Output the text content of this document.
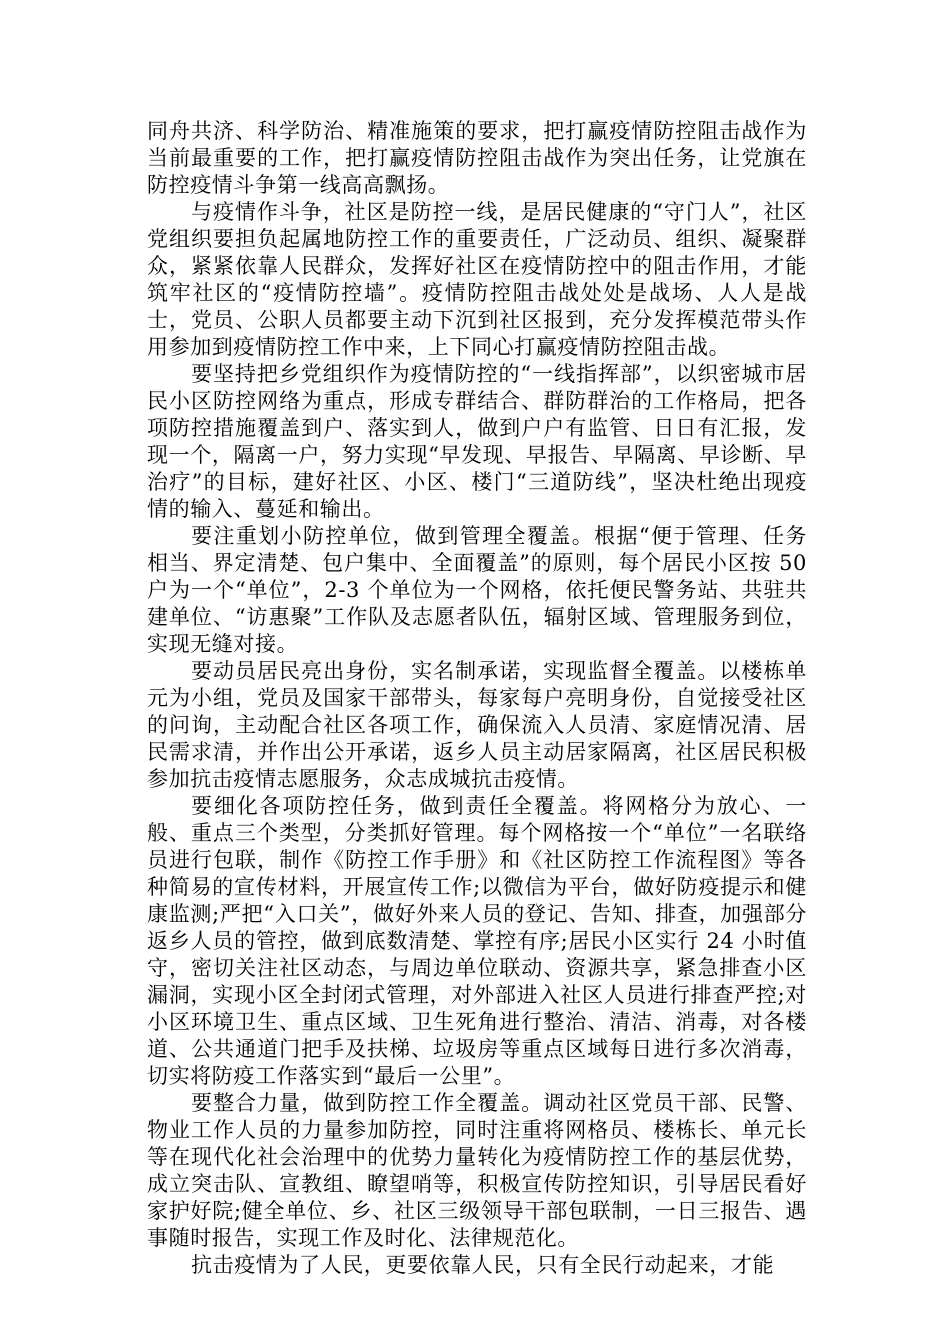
同舟共济、科学防治、精准施策的要求，把打赢疫情防控阻击战作为当前最重要的工作，把打赢疫情防控阻击战作为突出任务，让党旗在防控疫情斗争第一线高高飘扬。

与疫情作斗争，社区是防控一线，是居民健康的“守门人”，社区党组织要担负起属地防控工作的重要责任，广泛动员、组织、凝聚群众，紧紧依靠人民群众，发挥好社区在疫情防控中的阻击作用，才能筑牢社区的“疫情防控墙”。疫情防控阻击战处处是战场、人人是战士，党员、公职人员都要主动下沉到社区报到，充分发挥模范带头作用参加到疫情防控工作中来，上下同心打赢疫情防控阻击战。

要坚持把乡党组织作为疫情防控的“一线指挥部”，以织密城市居民小区防控网络为重点，形成专群结合、群防群治的工作格局，把各项防控措施覆盖到户、落实到人，做到户户有监管、日日有汇报，发现一个，隔离一户，努力实现“早发现、早报告、早隔离、早诊断、早治疗”的目标，建好社区、小区、楼门“三道防线”，坚决杜绝出现疫情的输入、蔓延和输出。

要注重划小防控单位，做到管理全覆盖。根据“便于管理、任务相当、界定清楚、包户集中、全面覆盖”的原则，每个居民小区按 50 户为一个“单位”，2-3 个单位为一个网格，依托便民警务站、共驻共建单位、“访惠聚”工作队及志愿者队伍，辐射区域、管理服务到位，实现无缝对接。

要动员居民亮出身份，实名制承诺，实现监督全覆盖。以楼栋单元为小组，党员及国家干部带头，每家每户亮明身份，自觉接受社区的问询，主动配合社区各项工作，确保流入人员清、家庭情况清、居民需求清，并作出公开承诺，返乡人员主动居家隔离，社区居民积极参加抗击疫情志愿服务，众志成城抗击疫情。

要细化各项防控任务，做到责任全覆盖。将网格分为放心、一般、重点三个类型，分类抓好管理。每个网格按一个“单位”一名联络员进行包联，制作《防控工作手册》和《社区防控工作流程图》等各种简易的宣传材料，开展宣传工作;以微信为平台，做好防疫提示和健康监测;严把“入口关”，做好外来人员的登记、告知、排查，加强部分返乡人员的管控，做到底数清楚、掌控有序;居民小区实行 24 小时值守，密切关注社区动态，与周边单位联动、资源共享，紧急排查小区漏洞，实现小区全封闭式管理，对外部进入社区人员进行排查严控;对小区环境卫生、重点区域、卫生死角进行整治、清洁、消毒，对各楼道、公共通道门把手及扶梯、垃圾房等重点区域每日进行多次消毒，切实将防疫工作落实到“最后一公里”。

要整合力量，做到防控工作全覆盖。调动社区党员干部、民警、物业工作人员的力量参加防控，同时注重将网格员、楼栋长、单元长等在现代化社会治理中的优势力量转化为疫情防控工作的基层优势，成立突击队、宣教组、瞭望哨等，积极宣传防控知识，引导居民看好家护好院;健全单位、乡、社区三级领导干部包联制，一日三报告、遇事随时报告，实现工作及时化、法律规范化。

抗击疫情为了人民，更要依靠人民，只有全民行动起来，才能
